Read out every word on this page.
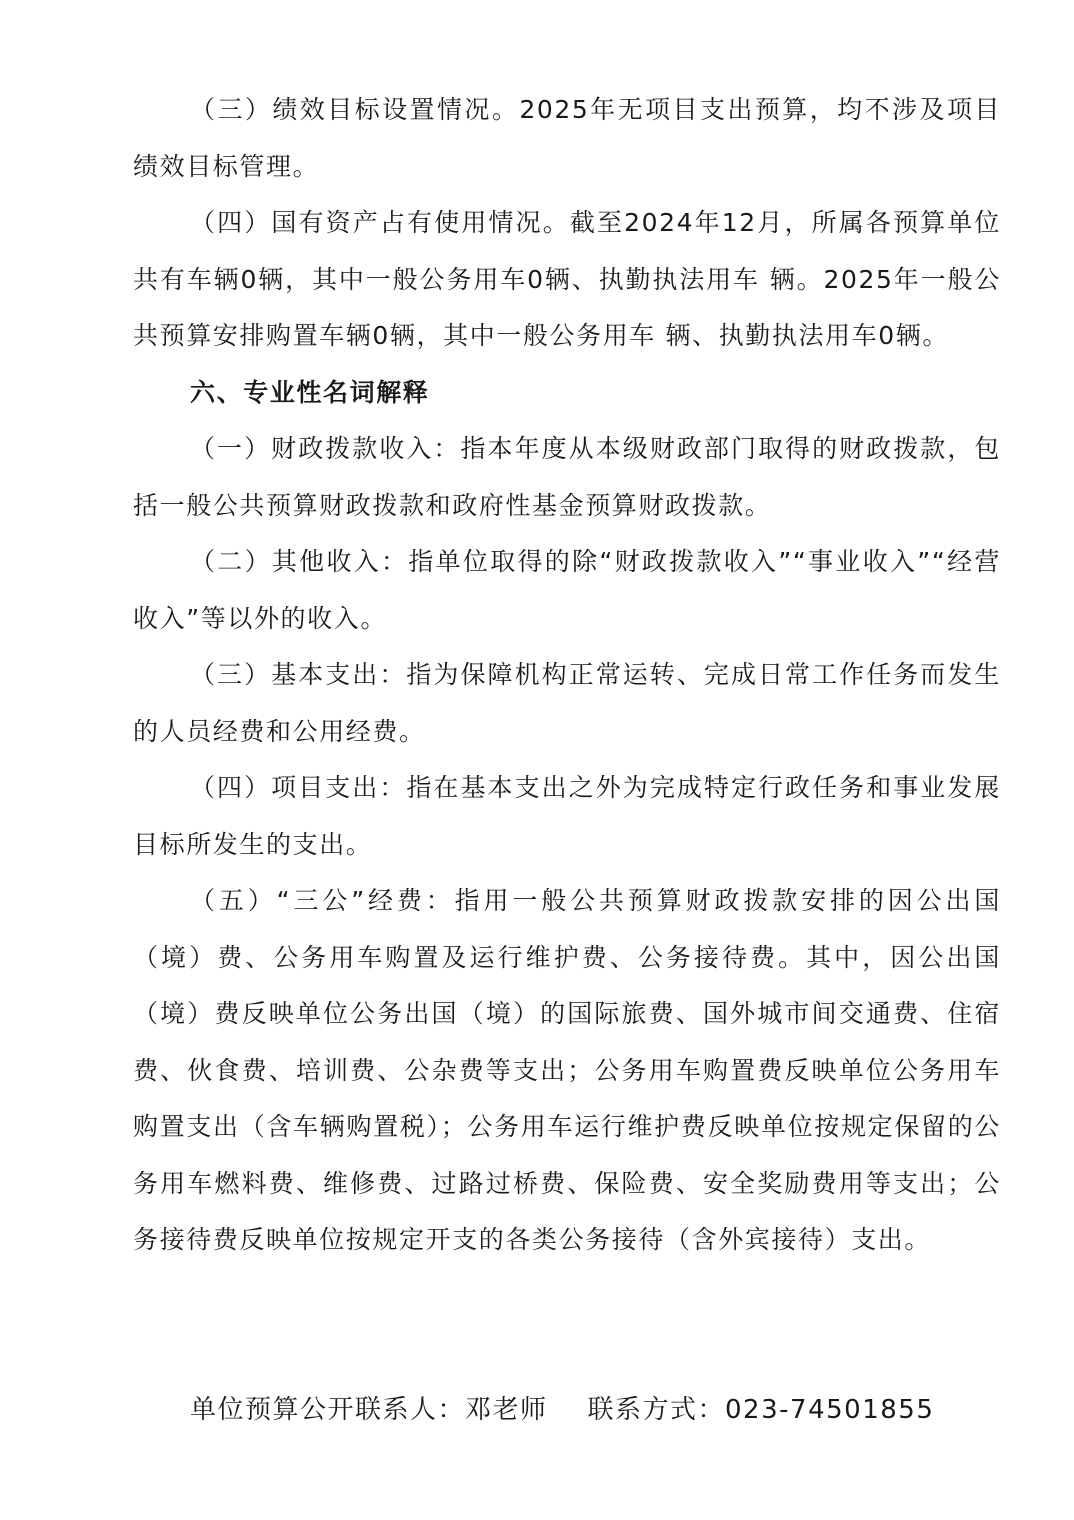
（三）绩效目标设置情况。2025年无项目支出预算，均不涉及项目绩效目标管理。

（四）国有资产占有使用情况。截至2024年12月，所属各预算单位共有车辆0辆，其中一般公务用车0辆、执勤执法用车 辆。2025年一般公共预算安排购置车辆0辆，其中一般公务用车 辆、执勤执法用车0辆。

六、专业性名词解释

（一）财政拨款收入：指本年度从本级财政部门取得的财政拨款，包括一般公共预算财政拨款和政府性基金预算财政拨款。

（二）其他收入：指单位取得的除“财政拨款收入”“事业收入”“经营收入”等以外的收入。

（三）基本支出：指为保障机构正常运转、完成日常工作任务而发生的人员经费和公用经费。

（四）项目支出：指在基本支出之外为完成特定行政任务和事业发展目标所发生的支出。

（五）“三公”经费：指用一般公共预算财政拨款安排的因公出国（境）费、公务用车购置及运行维护费、公务接待费。其中，因公出国（境）费反映单位公务出国（境）的国际旅费、国外城市间交通费、住宿费、伙食费、培训费、公杂费等支出；公务用车购置费反映单位公务用车购置支出（含车辆购置税）；公务用车运行维护费反映单位按规定保留的公务用车燃料费、维修费、过路过桥费、保险费、安全奖励费用等支出；公务接待费反映单位按规定开支的各类公务接待（含外宾接待）支出。

单位预算公开联系人：邓老师 联系方式：023-74501855
